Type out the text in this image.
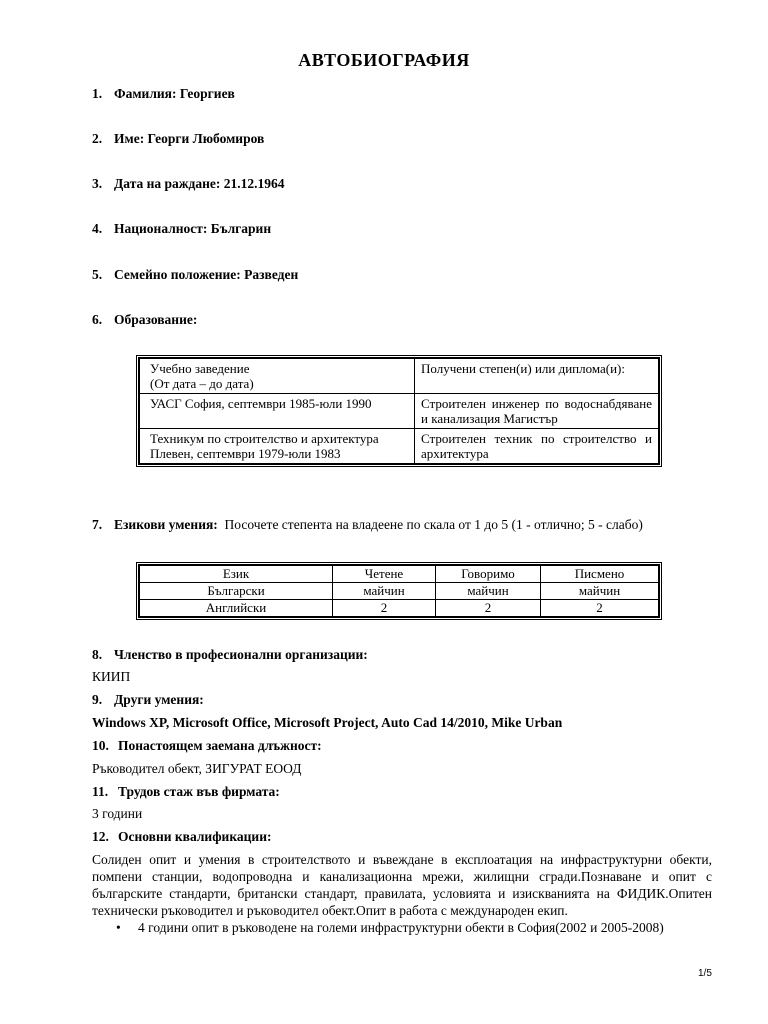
АВТОБИОГРАФИЯ
1. Фамилия: Георгиев
2. Име: Георги Любомиров
3. Дата на раждане: 21.12.1964
4. Националност: Българин
5. Семейно положение: Разведен
6. Образование:
Учебно заведение
(От дата – до дата)	Получени степен(и) или диплома(и):
УАСГ София, септември 1985-юли 1990	Строителен инженер по водоснабдяване и канализация Магистър
Техникум по строителство и архитектура Плевен, септември 1979-юли 1983	Строителен техник по строителство и архитектура
7. Езикови умения: Посочете степента на владеене по скала от 1 до 5 (1 - отлично; 5 - слабо)
Език	Четене	Говоримо	Писмено
Български	майчин	майчин	майчин
Английски	2	2	2
8. Членство в професионални организации:
КИИП
9. Други умения:
Windows XP, Microsoft Office, Microsoft Project, Auto Cad 14/2010, Mike Urban
10. Понастоящем заемана длъжност:
Ръководител обект, ЗИГУРАТ ЕООД
11. Трудов стаж във фирмата:
3 години
12. Основни квалификации:
Солиден опит и умения в строителството и въвеждане в експлоатация на инфраструктурни обекти, помпени станции, водопроводна и канализационна мрежи, жилищни сгради.Познаване и опит с българските стандарти, британски стандарт, правилата, условията и изискванията на ФИДИК.Опитен технически ръководител и ръководител обект.Опит в работа с международен екип.
• 4 години опит в ръководене на големи инфраструктурни обекти в София(2002 и 2005-2008)
1/5
